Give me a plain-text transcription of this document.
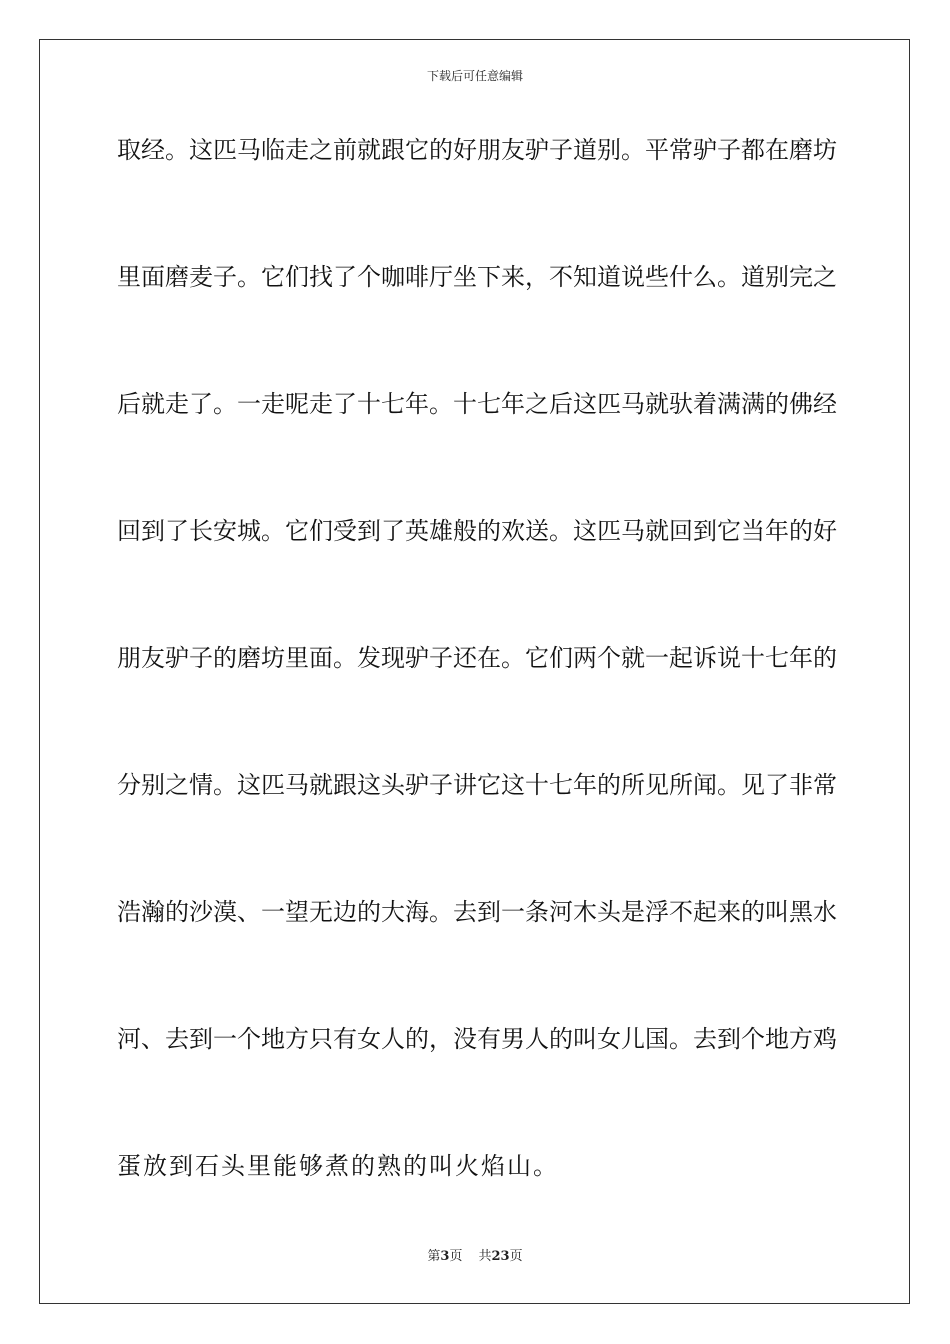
下载后可任意编辑
取经。这匹马临走之前就跟它的好朋友驴子道别。平常驴子都在磨坊
里面磨麦子。它们找了个咖啡厅坐下来，不知道说些什么。道别完之
后就走了。一走呢走了十七年。十七年之后这匹马就驮着满满的佛经
回到了长安城。它们受到了英雄般的欢送。这匹马就回到它当年的好
朋友驴子的磨坊里面。发现驴子还在。它们两个就一起诉说十七年的
分别之情。这匹马就跟这头驴子讲它这十七年的所见所闻。见了非常
浩瀚的沙漠、一望无边的大海。去到一条河木头是浮不起来的叫黑水
河、去到一个地方只有女人的，没有男人的叫女儿国。去到个地方鸡
蛋放到石头里能够煮的熟的叫火焰山。
第3页 共23页
